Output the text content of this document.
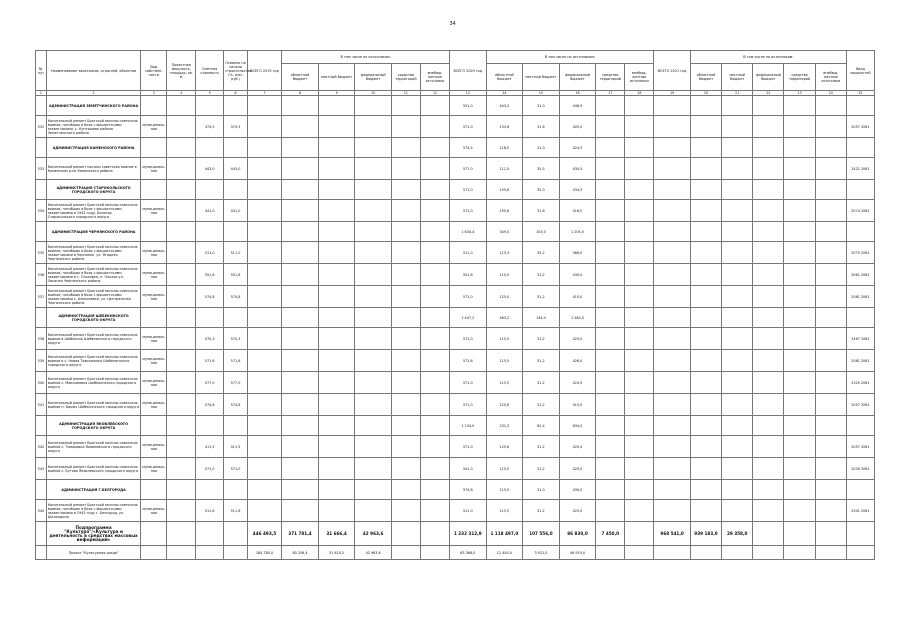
34
№ п/п	Наименование заказчиков, отраслей, объектов	Вид собствен-ности	Проектная мощность, площадь, кв. м	Сметная стоимость	Освоено на начало строительства (%, млн. руб.)	ВСЕГО 2019 год	В том числе по источникам:					ВСЕГО 2020 год	В том числе по источникам:					ВСЕГО 2021 год	В том числе по источникам:					Ввод мощностей
							областной бюджет	местный бюджет	федеральный бюджет	средства территорий	внебюд-жетные источники		областной бюджет	местный бюджет	федеральный бюджет	средства территорий	внебюд-жетные источники		областной бюджет	местный бюджет	федеральный бюджет	средства территорий	внебюд-жетные источники	
1	2	3	4	5	6	7	8	9	10	11	12	13	14	15	16	17	18	19	20	21	22	23	24	25
	АДМИНИСТРАЦИЯ ЗЕМЕТЧИНСКОГО РАЙОНА											551,0	443,3	31,0	446,9									
532	Капитальный ремонт Братской могилы советских воинов, погибших в боях с фашистскими захватчиками, с. Кунтишево района Земетчинского района	муниципаль-ная		374,5	374,5							571,0	133,6	31,6	405,0									2057 2061
	АДМИНИСТРАЦИЯ КАМЕНСКОГО РАЙОНА											574,5	118,5	31,0	424,5									
533	Капитальный ремонт могилы советских воинов в Каменском р-не Каменского района	муниципаль-ная		443,0	443,0							577,0	111,5	35,5	430,5									2421 2061
	АДМИНИСТРАЦИЯ СТАРОКОЛЬСКОГО ГОРОДСКОГО ОКРУГА											571,0	155,6	35,3	434,5									
534	Капитальный ремонт Братской могилы советских воинов, погибших в боях с фашистскими захватчиками в 1942 году, Белогор Староколького городского округа	муниципаль-ная		441,0	441,0							571,0	155,6	31,6	416,0									2074 2061
	АДМИНИСТРАЦИЯ ЧЕРНЯНСКОГО РАЙОНА											1 634,4	349,0	103,0	1 205,0									
535	Капитальный ремонт Братской могилы советских воинов, погибших в боях с фашистскими захватчиками в Чернянке, ул. Ягодная Чернянского района	муниципаль-ная		511,0	511,0							511,0	115,3	35,2	366,0									2075 2061
536	Капитальный ремонт Братской могилы советских воинов, погибших в боях с фашистскими захватчиками в г. Ольховка, п. Ольхов ул. Овсяная Чернянского района	муниципаль-ная		551,6	551,6							551,6	110,0	31,2	430,0									2061 2061
537	Капитальный ремонт Братской могилы советских воинов, погибших в боях с фашистскими захватчиками с. Алексеевка, ул. Центральная Чернянского района	муниципаль-ная		574,8	574,8							571,0	125,0	31,2	415,0									2061 2061
	АДМИНИСТРАЦИЯ ШЕБЕКИНСКОГО ГОРОДСКОГО ОКРУГА											1 447,2	463,2	144,0	1 284,0									
538	Капитальный ремонт Братской могилы советских воинов в Шебекино Шебекинского городского округа	муниципаль-ная		570,3	570,3							571,0	115,5	31,2	425,0									2467 2061
539	Капитальный ремонт Братской могилы советских воинов в с. Новая Таволжанка Шебекинского городского округа	муниципаль-ная		571,6	571,6							571,6	115,5	31,2	426,0									2061 2061
540	Капитальный ремонт Братской могилы советских воинов с. Максимовка Шебекинского городского округа	муниципаль-ная		577,0	577,0							571,0	115,5	31,2	424,0									2325 2061
541	Капитальный ремонт Братской могилы советских воинов п. Бирюч Шебекинского городского округа	муниципаль-ная		574,8	574,8							571,0	125,6	31,2	415,0									2057 2061
	АДМИНИСТРАЦИЯ ЯКОВЛЕВСКОГО ГОРОДСКОГО ОКРУГА											1 134,0	231,3	62,4	834,0									
542	Капитальный ремонт Братской могилы советских воинов с. Томаровка Яковлевского городского округа	муниципаль-ная		411,5	411,5							571,0	125,6	31,2	420,0									2057 2061
543	Капитальный ремонт Братской могилы советских воинов с. Бутово Яковлевского городского округа	муниципаль-ная		571,0	571,0							541,0	115,5	31,2	425,0									2039 2061
	АДМИНИСТРАЦИЯ Г.БЕЛГОРОДА											574,8	115,5	31,0	430,0									
544	Капитальный ремонт Братской могилы советских воинов, погибших в боях с фашистскими захватчиками в 1943 году г. Белгород, ул. Шаландина	муниципаль-ная		511,6	511,6							511,0	115,5	31,2	425,0									2541 2061
	Подпрограмма "Культура"/«Культура и деятельность в средствах массовых информаций»					446 493,5	371 781,4	31 666,4	42 963,6			1 232 312,9	1 118 497,0	107 556,0	86 830,0	7 450,0		968 541,0	939 183,0	29 358,0				
	Проект "Культурная среда"					184 780,0	80 256,4	51 610,2	42 963,6			63 368,0	12 450,0	3 922,0	46 919,0									
